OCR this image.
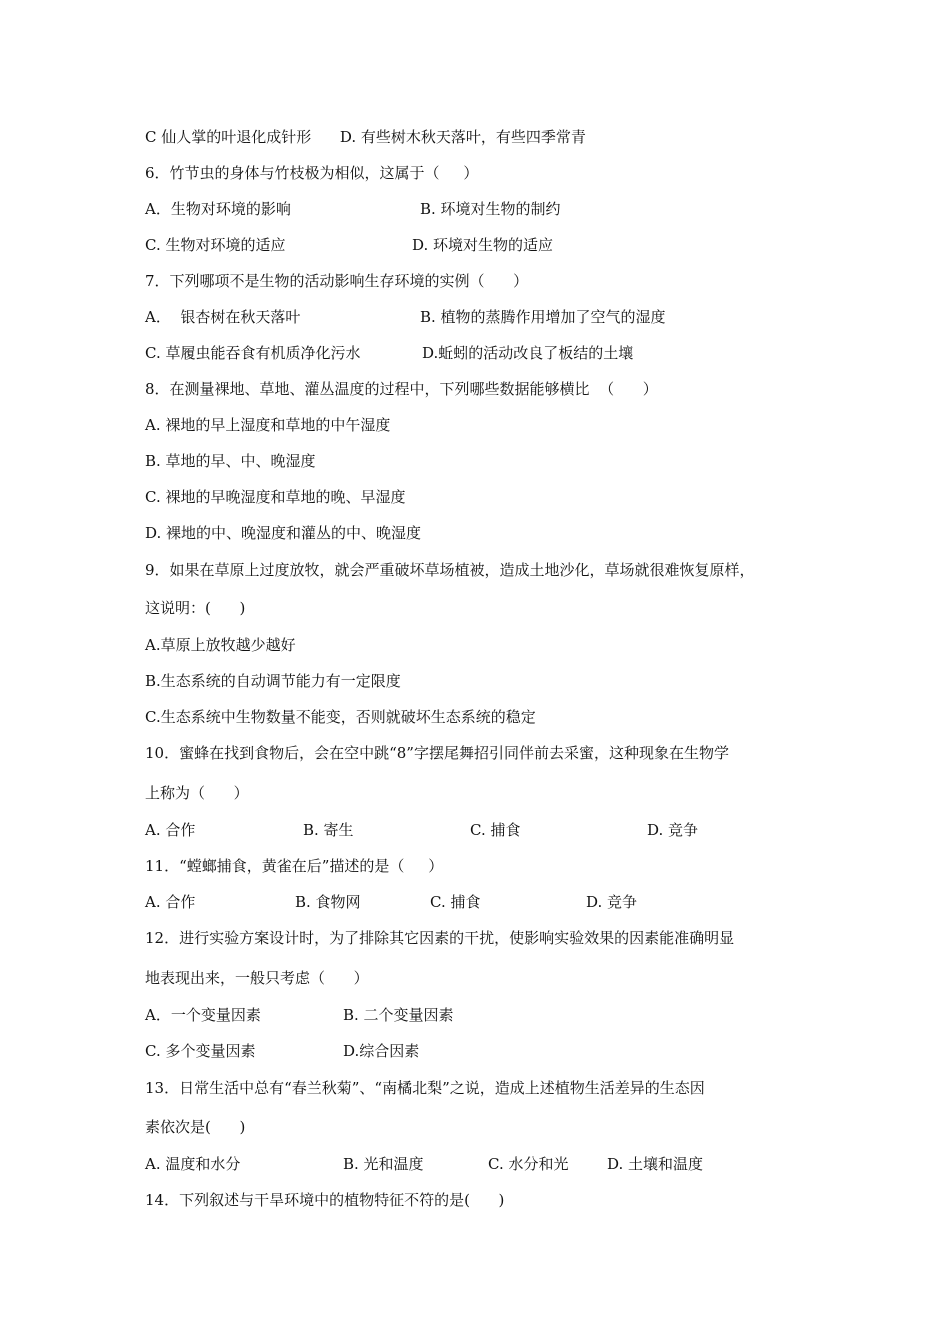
C 仙人掌的叶退化成针形      D. 有些树木秋天落叶，有些四季常青
6．竹节虫的身体与竹枝极为相似，这属于（     ）
A．生物对环境的影响	B. 环境对生物的制约
C. 生物对环境的适应	D. 环境对生物的适应
7．下列哪项不是生物的活动影响生存环境的实例（      ）
A．  银杏树在秋天落叶	B. 植物的蒸腾作用增加了空气的湿度
C. 草履虫能吞食有机质净化污水	D.蚯蚓的活动改良了板结的土壤
8．在测量裸地、草地、灌丛温度的过程中，下列哪些数据能够横比  （      ）
A. 裸地的早上湿度和草地的中午湿度
B. 草地的早、中、晚湿度
C. 裸地的早晚湿度和草地的晚、早湿度
D. 裸地的中、晚湿度和灌丛的中、晚湿度
9．如果在草原上过度放牧，就会严重破坏草场植被，造成土地沙化，草场就很难恢复原样，
这说明：(      )
A.草原上放牧越少越好
B.生态系统的自动调节能力有一定限度
C.生态系统中生物数量不能变，否则就破坏生态系统的稳定
10．蜜蜂在找到食物后，会在空中跳“8”字摆尾舞招引同伴前去采蜜，这种现象在生物学
上称为（      ）
A. 合作	B. 寄生	C. 捕食	D. 竞争
11．“螳螂捕食，黄雀在后”描述的是（     ）
A. 合作	B. 食物网	C. 捕食	D. 竞争
12．进行实验方案设计时，为了排除其它因素的干扰，使影响实验效果的因素能准确明显
地表现出来，一般只考虑（      ）
A．一个变量因素	B. 二个变量因素
C. 多个变量因素	D.综合因素
13．日常生活中总有“春兰秋菊”、“南橘北梨”之说，造成上述植物生活差异的生态因
素依次是(      )
A. 温度和水分	B. 光和温度	C. 水分和光	D. 土壤和温度
14．下列叙述与干旱环境中的植物特征不符的是(      )
